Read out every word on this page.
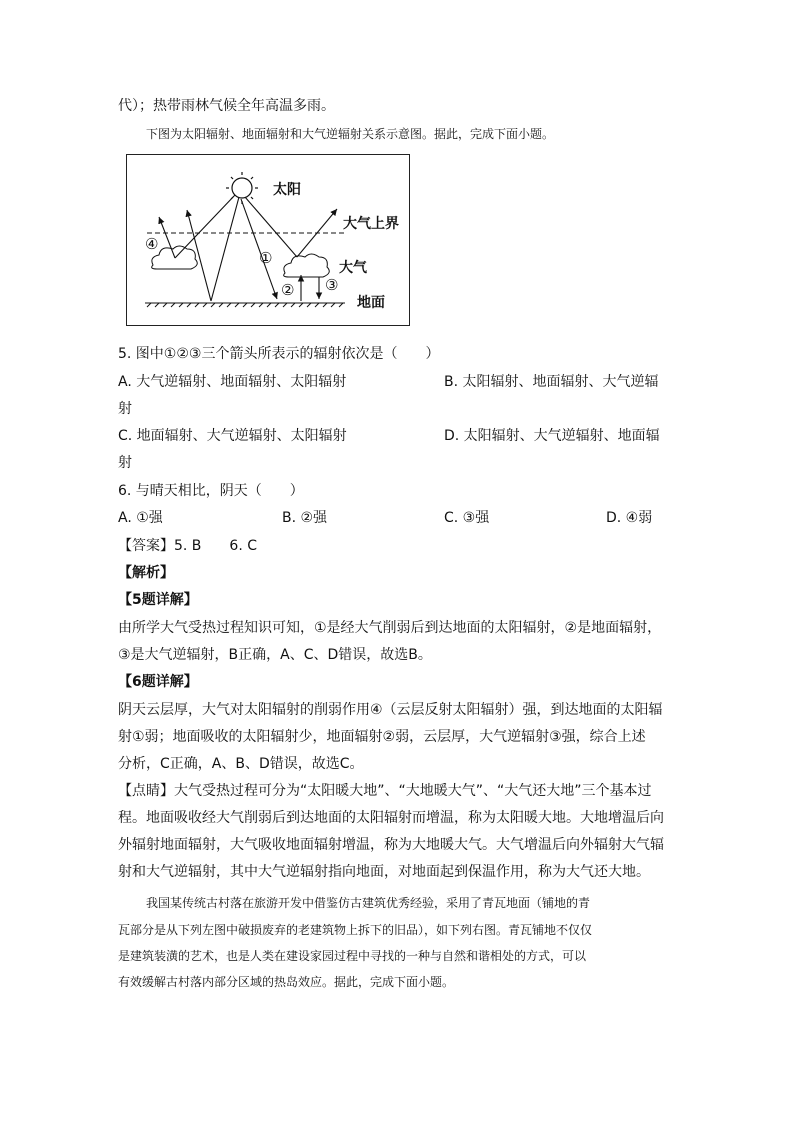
代）；热带雨林气候全年高温多雨。
下图为太阳辐射、地面辐射和大气逆辐射关系示意图。据此，完成下面小题。
太阳
大气上界
大气
地面
①
② ③
④
5. 图中①②③三个箭头所表示的辐射依次是（　　）
A. 大气逆辐射、地面辐射、太阳辐射	B. 太阳辐射、地面辐射、大气逆辐
射
C. 地面辐射、大气逆辐射、太阳辐射	D. 太阳辐射、大气逆辐射、地面辐
射
6. 与晴天相比，阴天（　　）
A. ①强	B. ②强	C. ③强	D. ④弱
【答案】5. B　　6. C
【解析】
【5题详解】
由所学大气受热过程知识可知，①是经大气削弱后到达地面的太阳辐射，②是地面辐射，
③是大气逆辐射，B正确，A、C、D错误，故选B。
【6题详解】
阴天云层厚，大气对太阳辐射的削弱作用④（云层反射太阳辐射）强，到达地面的太阳辐
射①弱；地面吸收的太阳辐射少，地面辐射②弱，云层厚，大气逆辐射③强，综合上述
分析，C正确，A、B、D错误，故选C。
【点睛】大气受热过程可分为“太阳暖大地”、“大地暖大气”、“大气还大地”三个基本过
程。地面吸收经大气削弱后到达地面的太阳辐射而增温，称为太阳暖大地。大地增温后向
外辐射地面辐射，大气吸收地面辐射增温，称为大地暖大气。大气增温后向外辐射大气辐
射和大气逆辐射，其中大气逆辐射指向地面，对地面起到保温作用，称为大气还大地。
我国某传统古村落在旅游开发中借鉴仿古建筑优秀经验，采用了青瓦地面（铺地的青
瓦部分是从下列左图中破损废弃的老建筑物上拆下的旧品），如下列右图。青瓦铺地不仅仅
是建筑装潢的艺术，也是人类在建设家园过程中寻找的一种与自然和谐相处的方式，可以
有效缓解古村落内部分区域的热岛效应。据此，完成下面小题。
